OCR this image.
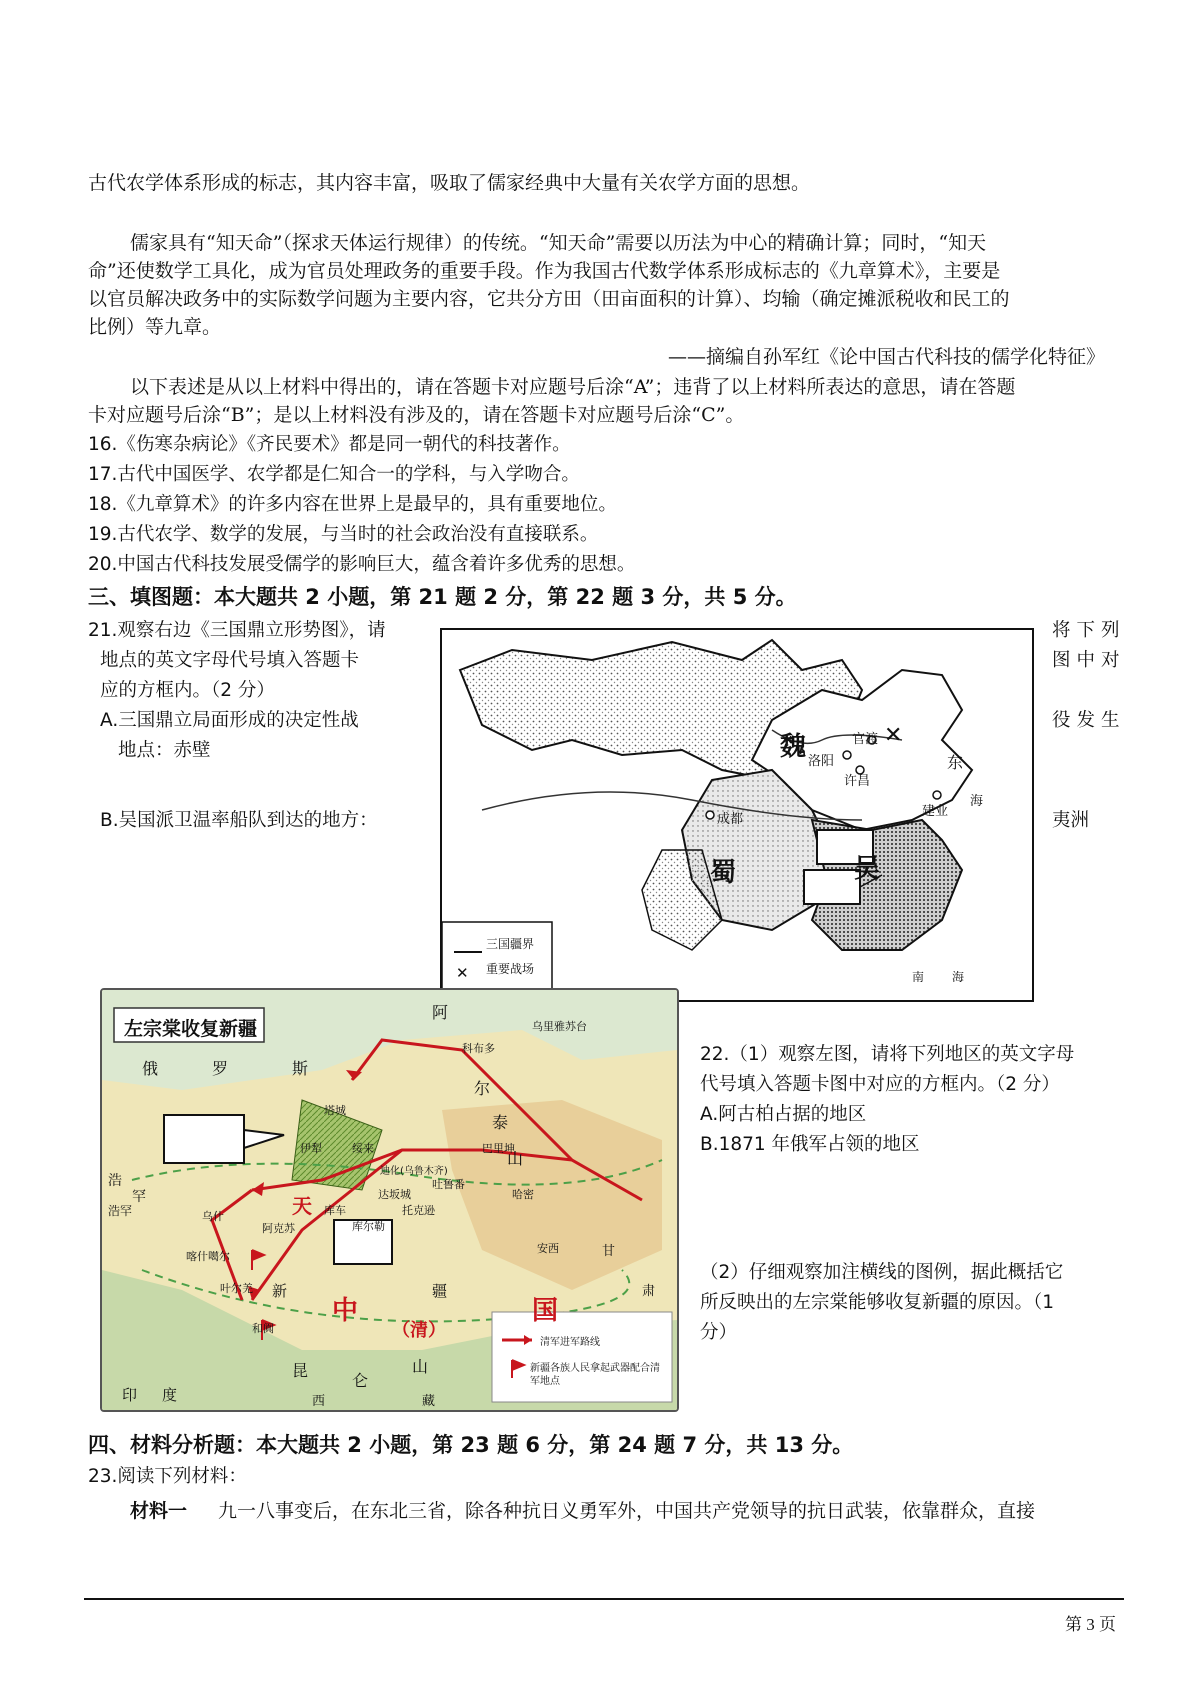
古代农学体系形成的标志，其内容丰富，吸取了儒家经典中大量有关农学方面的思想。
儒家具有“知天命”（探求天体运行规律）的传统。“知天命”需要以历法为中心的精确计算；同时，“知天
命”还使数学工具化，成为官员处理政务的重要手段。作为我国古代数学体系形成标志的《九章算术》，主要是
以官员解决政务中的实际数学问题为主要内容，它共分方田（田亩面积的计算）、均输（确定摊派税收和民工的
比例）等九章。
——摘编自孙军红《论中国古代科技的儒学化特征》
以下表述是从以上材料中得出的，请在答题卡对应题号后涂“A”；违背了以上材料所表达的意思，请在答题
卡对应题号后涂“B”；是以上材料没有涉及的，请在答题卡对应题号后涂“C”。
16.《伤寒杂病论》《齐民要术》都是同一朝代的科技著作。
17.古代中国医学、农学都是仁知合一的学科，与入学吻合。
18.《九章算术》的许多内容在世界上是最早的，具有重要地位。
19.古代农学、数学的发展，与当时的社会政治没有直接联系。
20.中国古代科技发展受儒学的影响巨大，蕴含着许多优秀的思想。
三、填图题：本大题共 2 小题，第 21 题 2 分，第 22 题 3 分，共 5 分。
21.观察右边《三国鼎立形势图》，请
地点的英文字母代号填入答题卡
应的方框内。（2 分）
A.三国鼎立局面形成的决定性战
地点：赤壁
B.吴国派卫温率船队到达的地方：
将下列
图中对
役发生
夷洲
✕
✕
魏
蜀	吴
洛阳
官渡
许昌
成都
建业
东
海
南 海
三国疆界
重要战场
左宗棠收复新疆
俄	罗	斯
阿
尔
泰
山
科布多
乌里雅苏台
塔城
绥来
迪化(乌鲁木齐)
伊犁	巴里坤
吐鲁番
哈密
达坂城
托克逊
喀什噶尔
叶尔羌
和阗
阿克苏
库车
库尔勒
安西
乌什
浩
罕
浩罕	天
中
（清）
国
昆
仑
山
新	疆
印 度	西	藏
甘
肃
清军进军路线
新疆各族人民拿起武器配合清军地点
22.（1）观察左图，请将下列地区的英文字母
代号填入答题卡图中对应的方框内。（2 分）
A.阿古柏占据的地区
B.1871 年俄军占领的地区
（2）仔细观察加注横线的图例，据此概括它
所反映出的左宗棠能够收复新疆的原因。（1
分）
四、材料分析题：本大题共 2 小题，第 23 题 6 分，第 24 题 7 分，共 13 分。
23.阅读下列材料：
材料一 九一八事变后，在东北三省，除各种抗日义勇军外，中国共产党领导的抗日武装，依靠群众，直接
第 3 页
